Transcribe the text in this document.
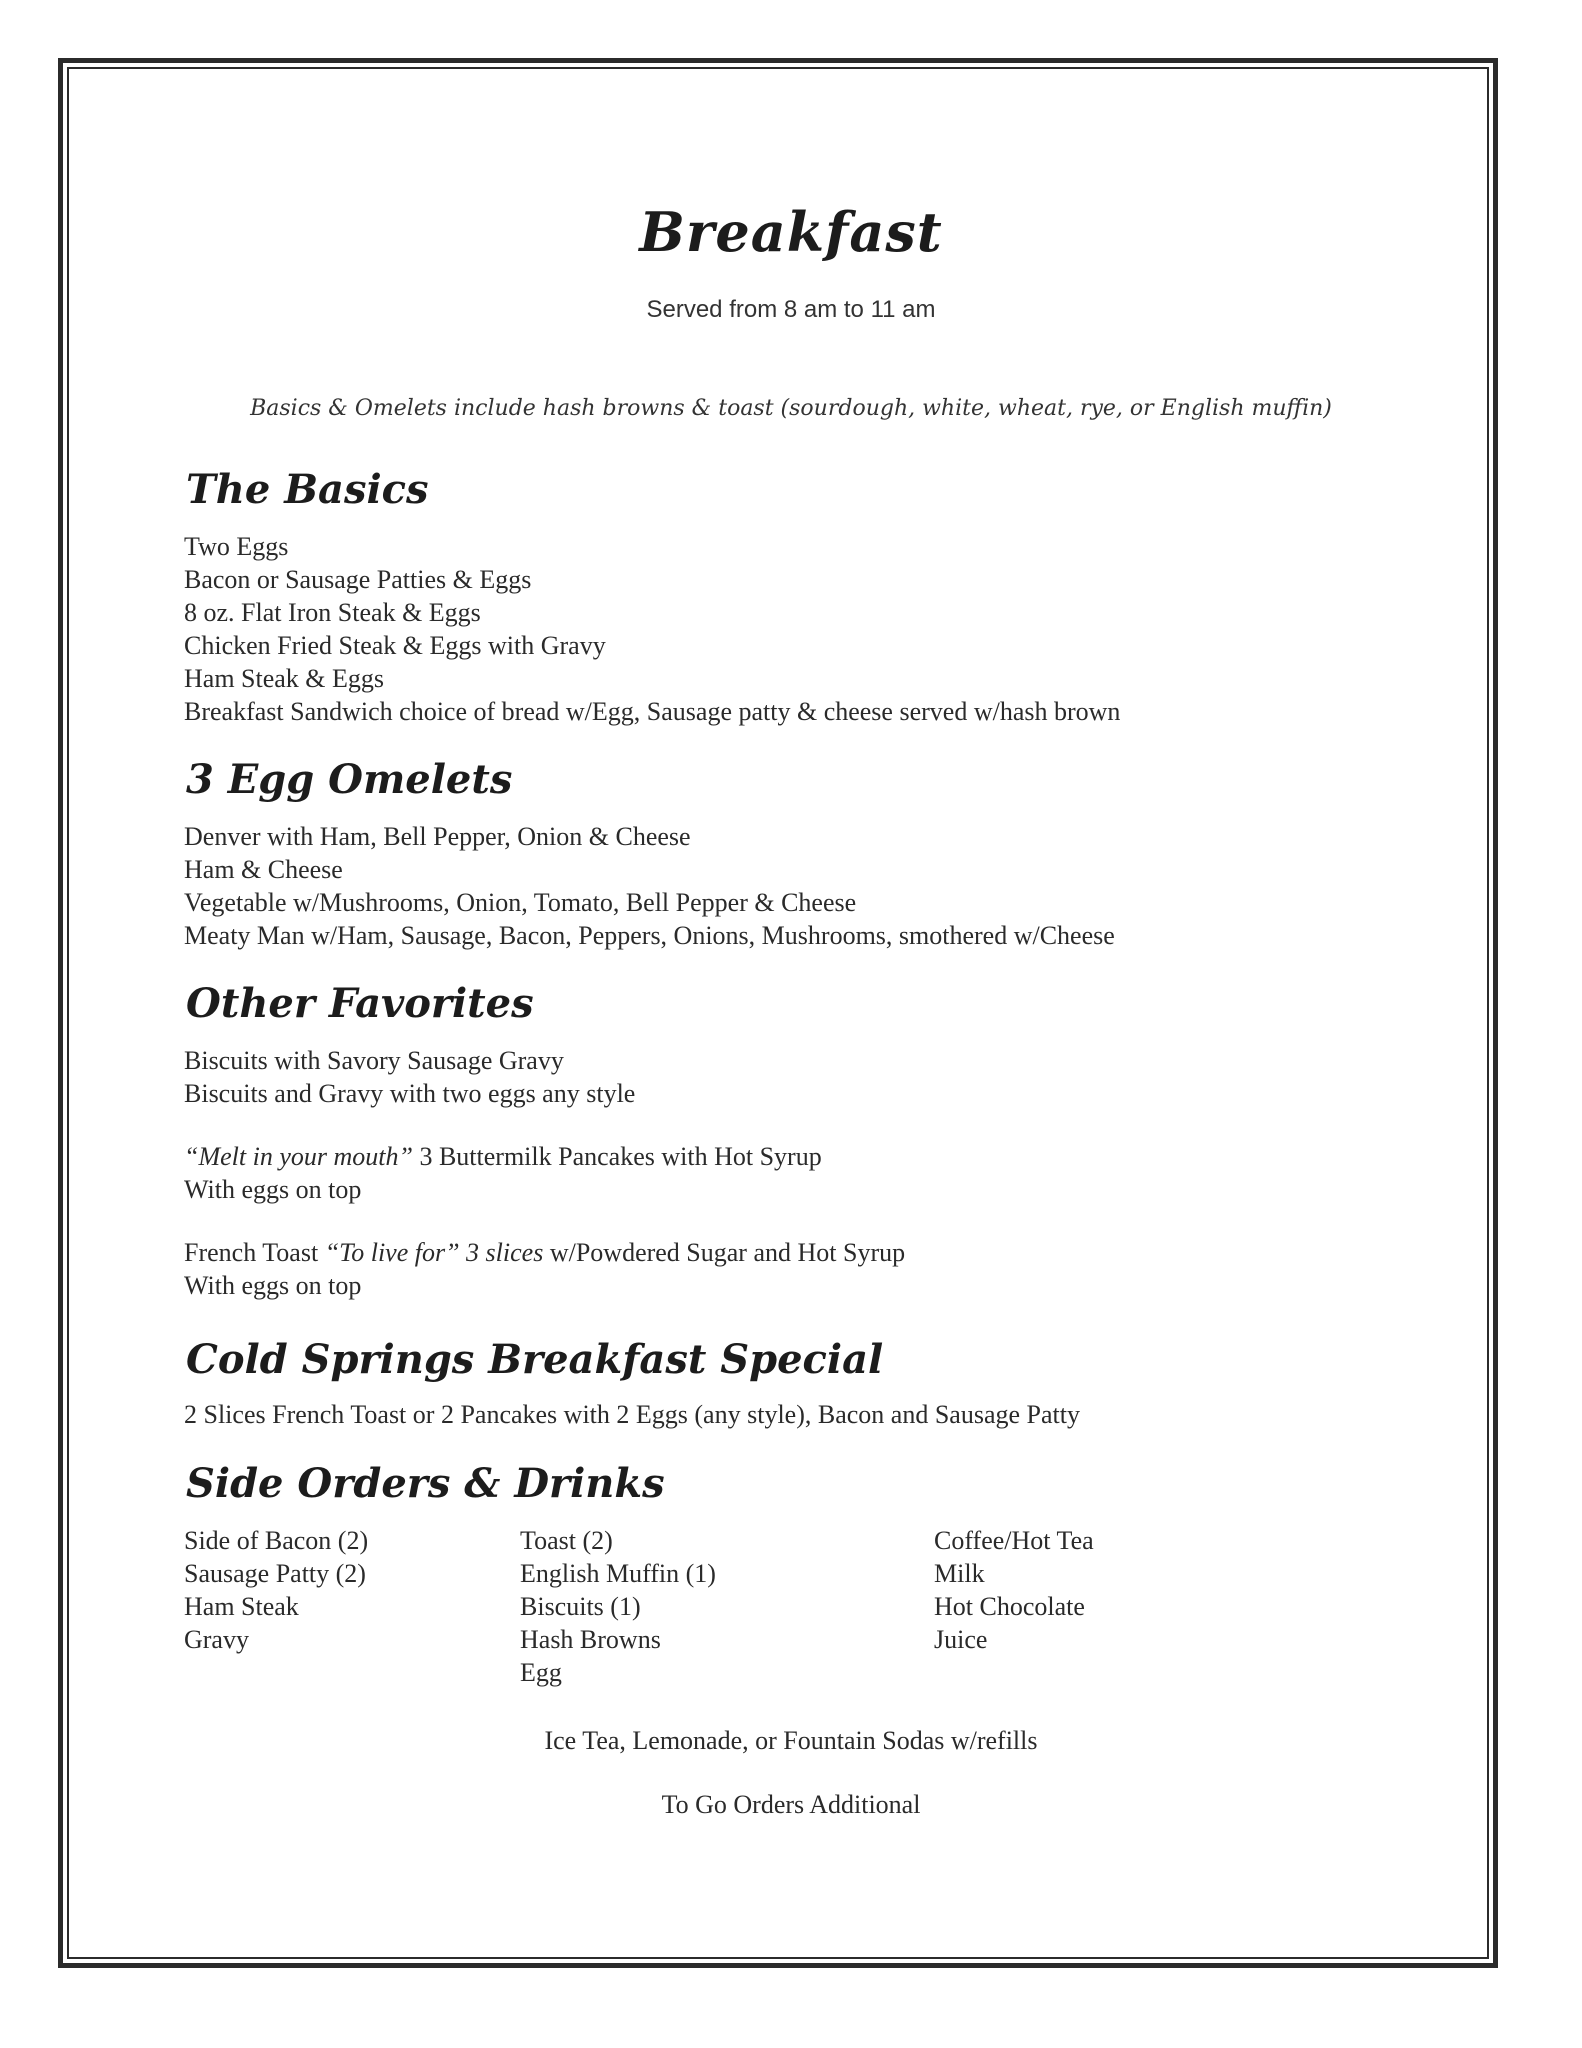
Breakfast
Served from 8 am to 11 am
Basics & Omelets include hash browns & toast (sourdough, white, wheat, rye, or English muffin)
The Basics
Two Eggs
Bacon or Sausage Patties & Eggs
8 oz. Flat Iron Steak & Eggs
Chicken Fried Steak & Eggs with Gravy
Ham Steak & Eggs
Breakfast Sandwich choice of bread w/Egg, Sausage patty & cheese served w/hash brown
3 Egg Omelets
Denver with Ham, Bell Pepper, Onion & Cheese
Ham & Cheese
Vegetable w/Mushrooms, Onion, Tomato, Bell Pepper & Cheese
Meaty Man w/Ham, Sausage, Bacon, Peppers, Onions, Mushrooms, smothered w/Cheese
Other Favorites
Biscuits with Savory Sausage Gravy
Biscuits and Gravy with two eggs any style
“Melt in your mouth” 3 Buttermilk Pancakes with Hot Syrup
With eggs on top
French Toast “To live for” 3 slices w/Powdered Sugar and Hot Syrup
With eggs on top
Cold Springs Breakfast Special
2 Slices French Toast or 2 Pancakes with 2 Eggs (any style), Bacon and Sausage Patty
Side Orders & Drinks
Side of Bacon (2)
Sausage Patty (2)
Ham Steak
Gravy
Toast (2)
English Muffin (1)
Biscuits (1)
Hash Browns
Egg
Coffee/Hot Tea
Milk
Hot Chocolate
Juice
Ice Tea, Lemonade, or Fountain Sodas w/refills
To Go Orders Additional
